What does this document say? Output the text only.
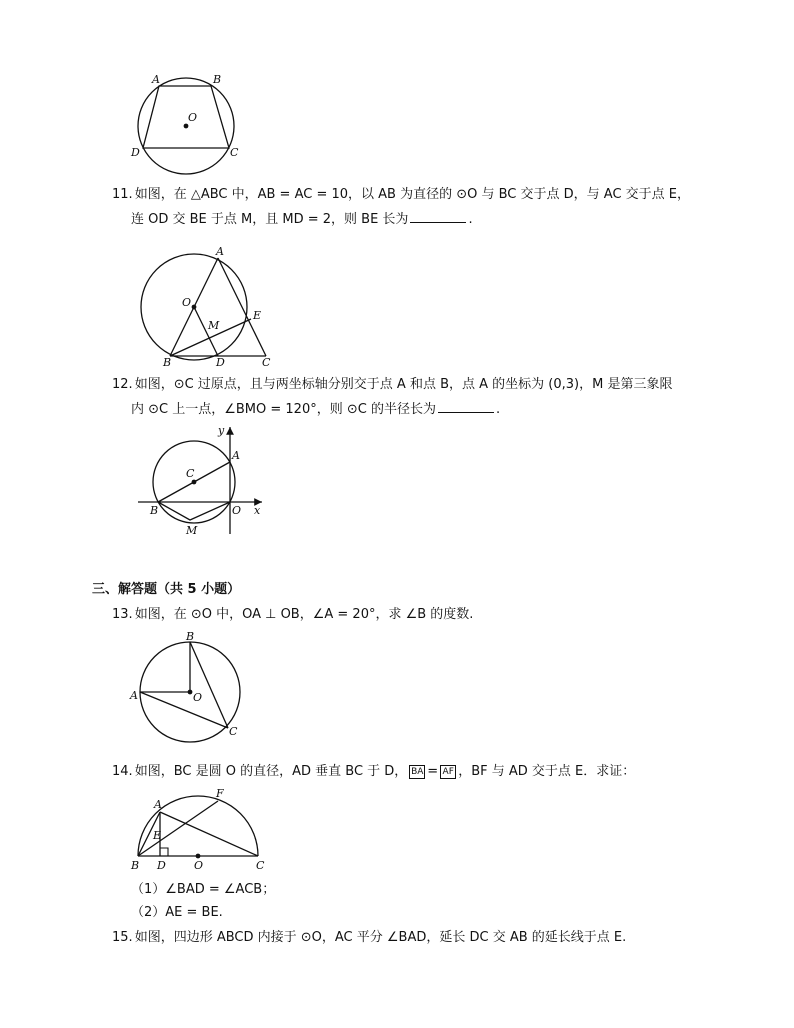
A	B
C
D
O
11. 如图，在 △ABC 中，AB = AC = 10，以 AB 为直径的 ⊙O 与 BC 交于点 D，与 AC 交于点 E，
连 OD 交 BE 于点 M，且 MD = 2，则 BE 长为	.
A
O
M
E
B	D	C
12. 如图，⊙C 过原点，且与两坐标轴分别交于点 A 和点 B，点 A 的坐标为 (0,3)，M 是第三象限
内 ⊙C 上一点，∠BMO = 120°，则 ⊙C 的半径长为	.
y
x
A
B
C
O
M
三、解答题（共 5 小题）
13. 如图，在 ⊙O 中，OA ⊥ OB，∠A = 20°，求 ∠B 的度数.
A
B
C
O
14. 如图，BC 是圆 O 的直径，AD 垂直 BC 于 D， BA = AF ，BF 与 AD 交于点 E．求证：
A
F
E
B D	O	C
（1）∠BAD = ∠ACB；
（2）AE = BE.
15. 如图，四边形 ABCD 内接于 ⊙O，AC 平分 ∠BAD，延长 DC 交 AB 的延长线于点 E.
